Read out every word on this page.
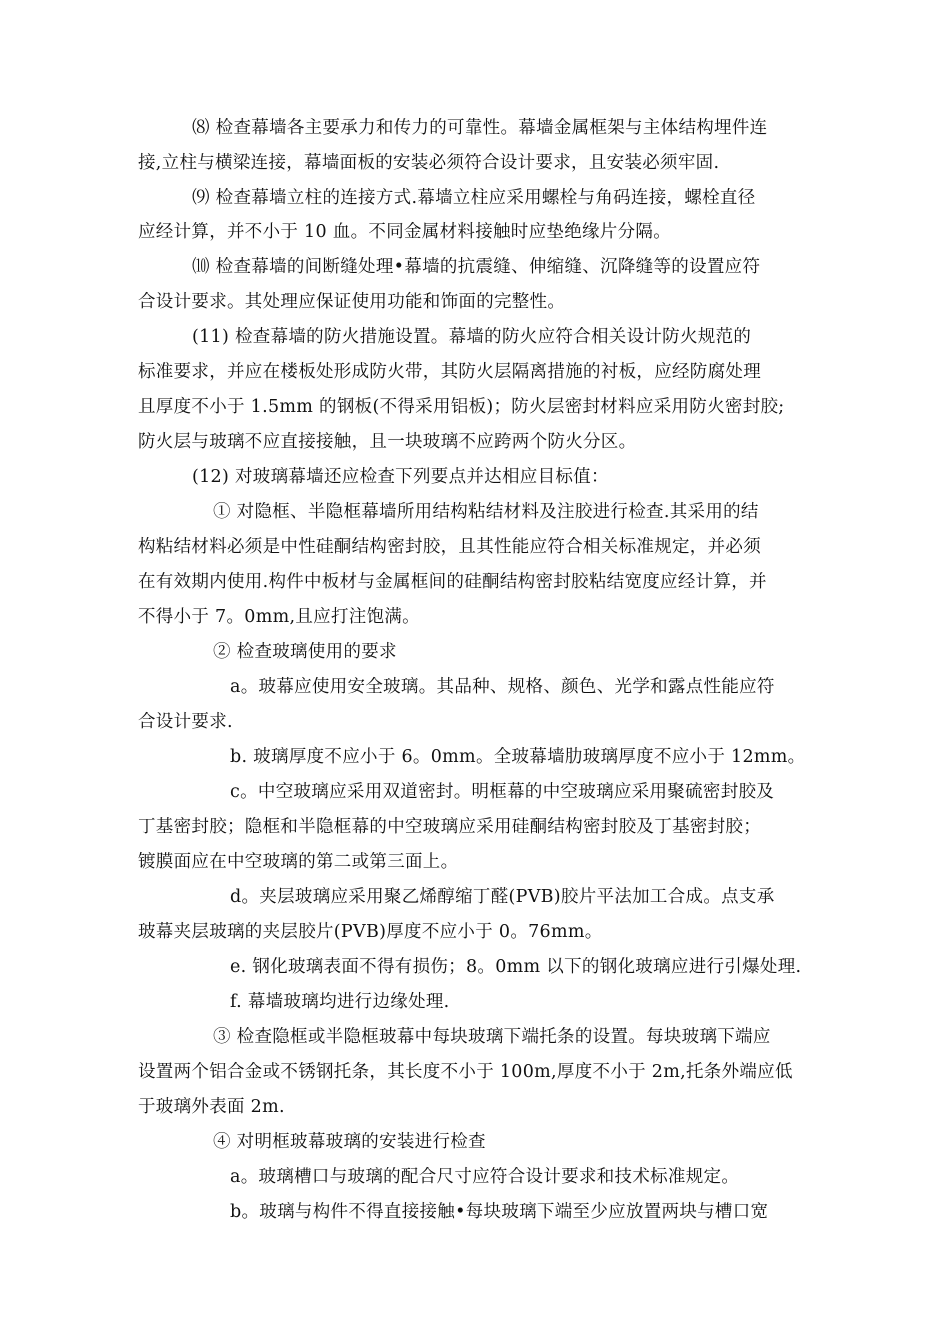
⑻ 检查幕墙各主要承力和传力的可靠性。幕墙金属框架与主体结构埋件连
接,立柱与横梁连接，幕墙面板的安装必须符合设计要求，且安装必须牢固.
⑼ 检查幕墙立柱的连接方式.幕墙立柱应采用螺栓与角码连接，螺栓直径
应经计算，并不小于 10 血。不同金属材料接触时应垫绝缘片分隔。
⑽ 检查幕墙的间断缝处理•幕墙的抗震缝、伸缩缝、沉降缝等的设置应符
合设计要求。其处理应保证使用功能和饰面的完整性。
(11) 检查幕墙的防火措施设置。幕墙的防火应符合相关设计防火规范的
标准要求，并应在楼板处形成防火带，其防火层隔离措施的衬板，应经防腐处理
且厚度不小于 1.5mm 的钢板(不得采用铝板)；防火层密封材料应采用防火密封胶;
防火层与玻璃不应直接接触，且一块玻璃不应跨两个防火分区。
(12) 对玻璃幕墙还应检查下列要点并达相应目标值：
① 对隐框、半隐框幕墙所用结构粘结材料及注胶进行检查.其采用的结
构粘结材料必须是中性硅酮结构密封胶，且其性能应符合相关标准规定，并必须
在有效期内使用.构件中板材与金属框间的硅酮结构密封胶粘结宽度应经计算，并
不得小于 7。0mm,且应打注饱满。
② 检查玻璃使用的要求
a。玻幕应使用安全玻璃。其品种、规格、颜色、光学和露点性能应符
合设计要求.
b. 玻璃厚度不应小于 6。0mm。全玻幕墙肋玻璃厚度不应小于 12mm。
c。中空玻璃应采用双道密封。明框幕的中空玻璃应采用聚硫密封胶及
丁基密封胶；隐框和半隐框幕的中空玻璃应采用硅酮结构密封胶及丁基密封胶；
镀膜面应在中空玻璃的第二或第三面上。
d。夹层玻璃应采用聚乙烯醇缩丁醛(PVB)胶片平法加工合成。点支承
玻幕夹层玻璃的夹层胶片(PVB)厚度不应小于 0。76mm。
e. 钢化玻璃表面不得有损伤；8。0mm 以下的钢化玻璃应进行引爆处理.
f. 幕墙玻璃均进行边缘处理.
③ 检查隐框或半隐框玻幕中每块玻璃下端托条的设置。每块玻璃下端应
设置两个铝合金或不锈钢托条，其长度不小于 100m,厚度不小于 2m,托条外端应低
于玻璃外表面 2m.
④ 对明框玻幕玻璃的安装进行检查
a。玻璃槽口与玻璃的配合尺寸应符合设计要求和技术标准规定。
b。玻璃与构件不得直接接触•每块玻璃下端至少应放置两块与槽口宽
